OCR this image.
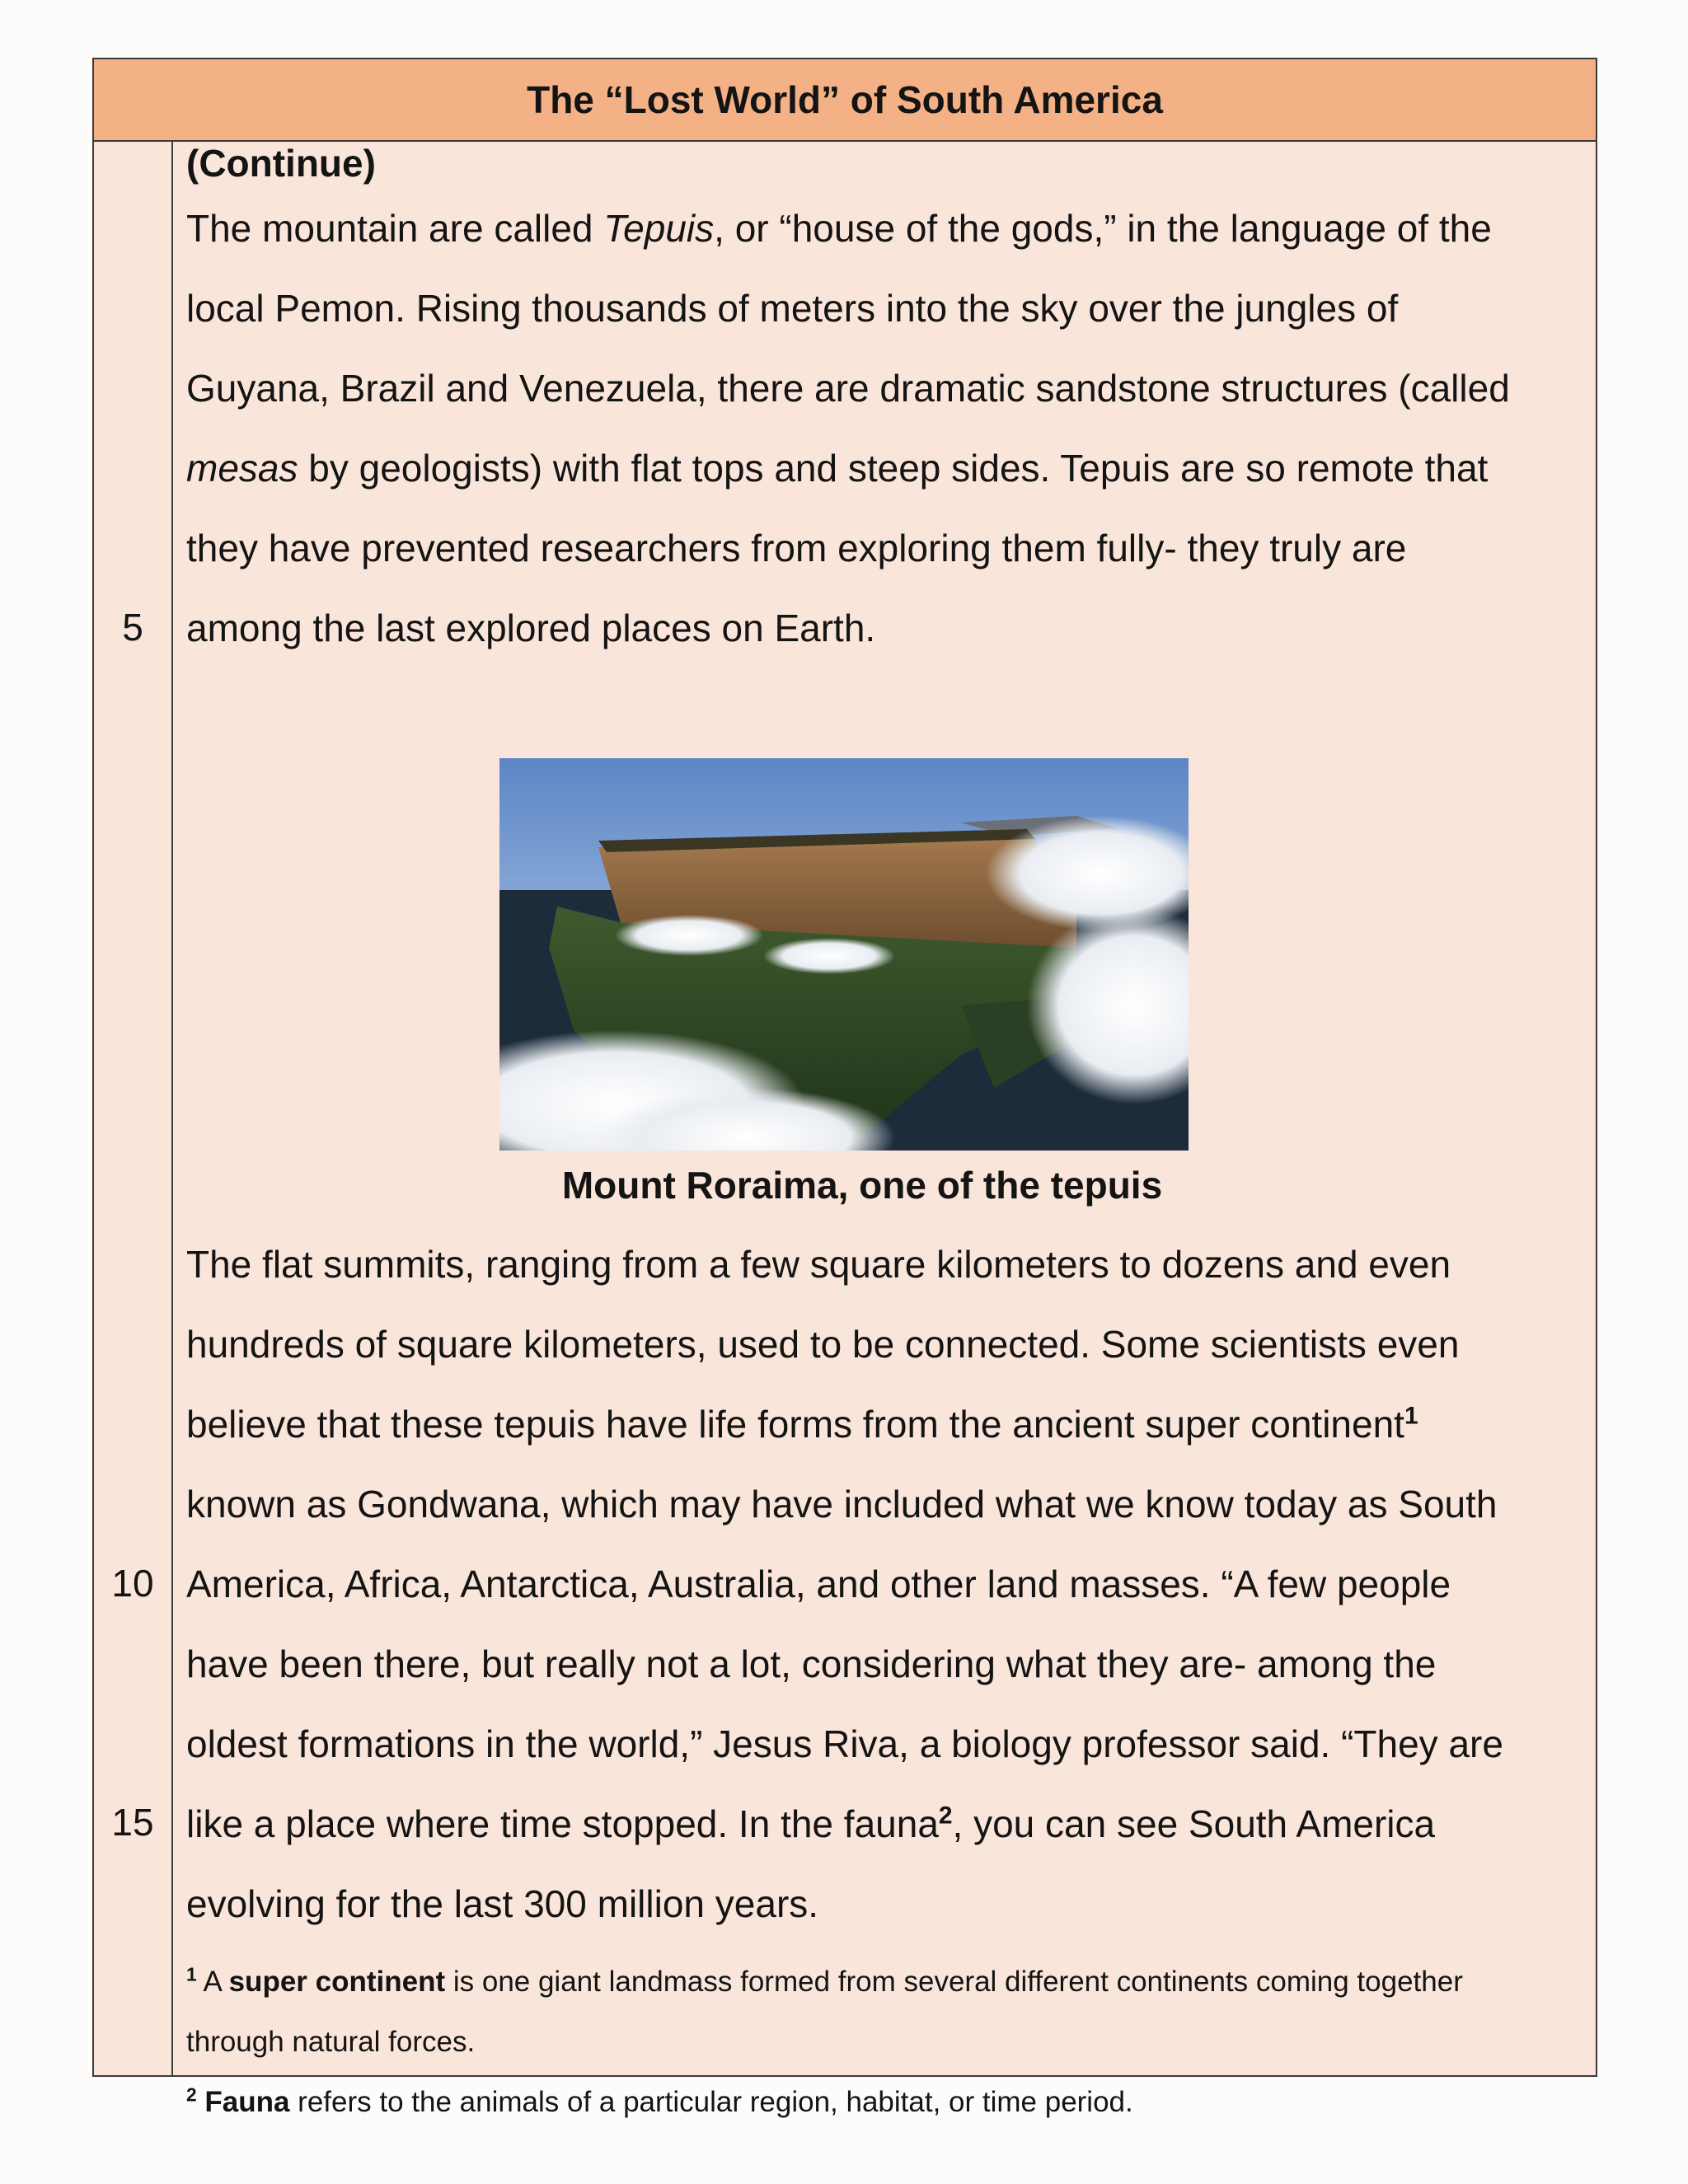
The “Lost World” of South America
5
10
15
(Continue)
The mountain are called Tepuis, or “house of the gods,” in the language of the
local Pemon. Rising thousands of meters into the sky over the jungles of
Guyana, Brazil and Venezuela, there are dramatic sandstone structures (called
mesas by geologists) with flat tops and steep sides. Tepuis are so remote that
they have prevented researchers from exploring them fully- they truly are
among the last explored places on Earth.
Mount Roraima, one of the tepuis
The flat summits, ranging from a few square kilometers to dozens and even
hundreds of square kilometers, used to be connected. Some scientists even
believe that these tepuis have life forms from the ancient super continent$^1$
known as Gondwana, which may have included what we know today as South
America, Africa, Antarctica, Australia, and other land masses. “A few people
have been there, but really not a lot, considering what they are- among the
oldest formations in the world,” Jesus Riva, a biology professor said. “They are
like a place where time stopped. In the fauna$^2$, you can see South America
evolving for the last 300 million years.
$^1$ A super continent is one giant landmass formed from several different continents coming together
through natural forces.
$^2$ Fauna refers to the animals of a particular region, habitat, or time period.
